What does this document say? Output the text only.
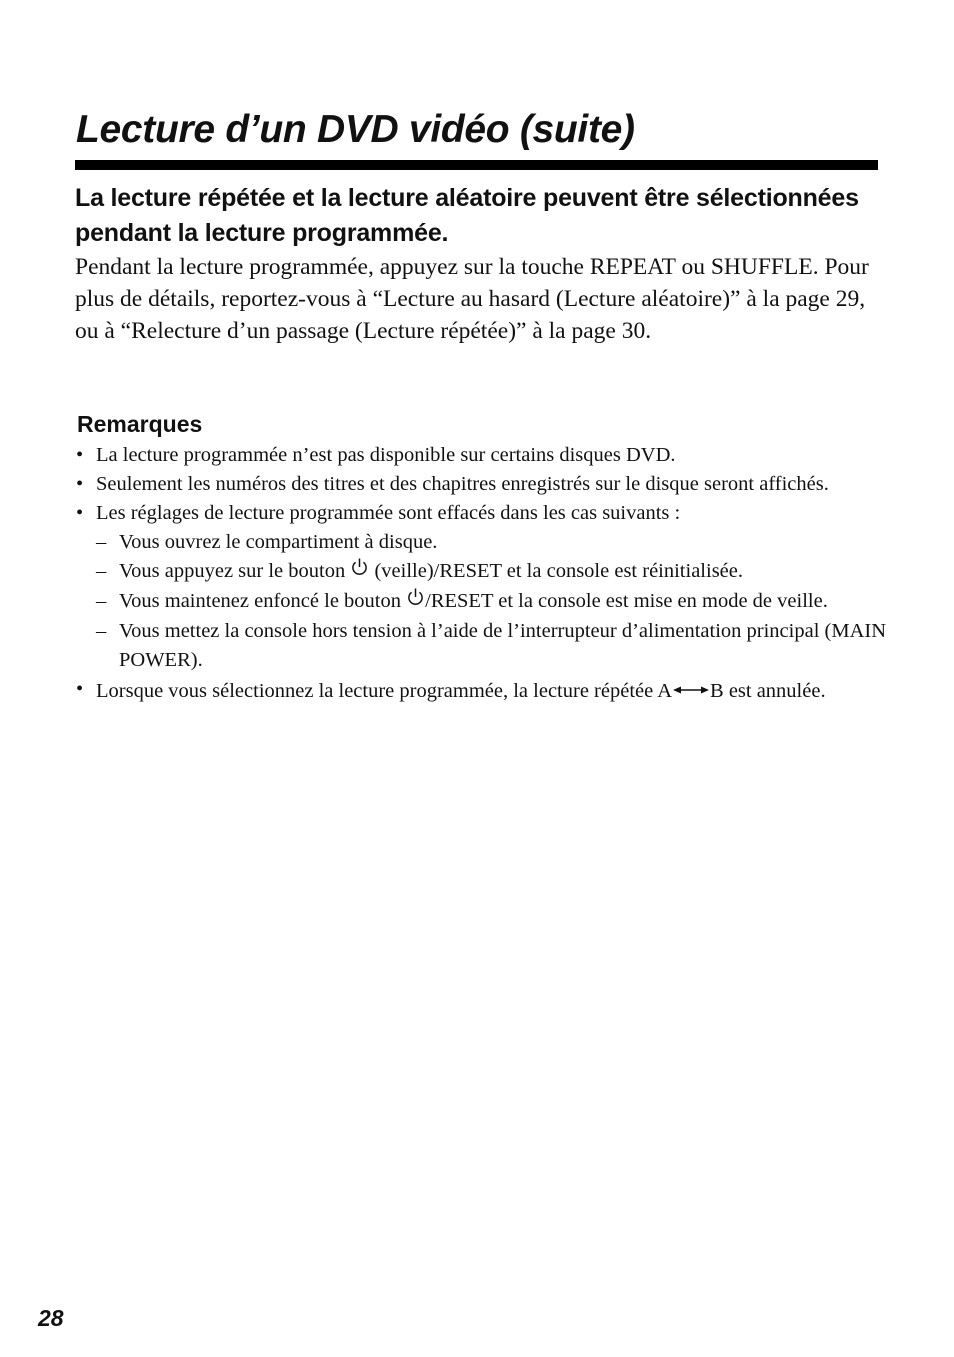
Lecture d’un DVD vidéo (suite)
La lecture répétée et la lecture aléatoire peuvent être sélectionnées pendant la lecture programmée.

Pendant la lecture programmée, appuyez sur la touche REPEAT ou SHUFFLE. Pour plus de détails, reportez-vous à “Lecture au hasard (Lecture aléatoire)” à la page 29, ou à “Relecture d’un passage (Lecture répétée)” à la page 30.

Remarques
• La lecture programmée n’est pas disponible sur certains disques DVD.
• Seulement les numéros des titres et des chapitres enregistrés sur le disque seront affichés.
• Les réglages de lecture programmée sont effacés dans les cas suivants :
– Vous ouvrez le compartiment à disque.
– Vous appuyez sur le bouton  (veille)/RESET et la console est réinitialisée.
– Vous maintenez enfoncé le bouton /RESET et la console est mise en mode de veille.
– Vous mettez la console hors tension à l’aide de l’interrupteur d’alimentation principal (MAIN POWER).
• Lorsque vous sélectionnez la lecture programmée, la lecture répétée A B est annulée.
28
